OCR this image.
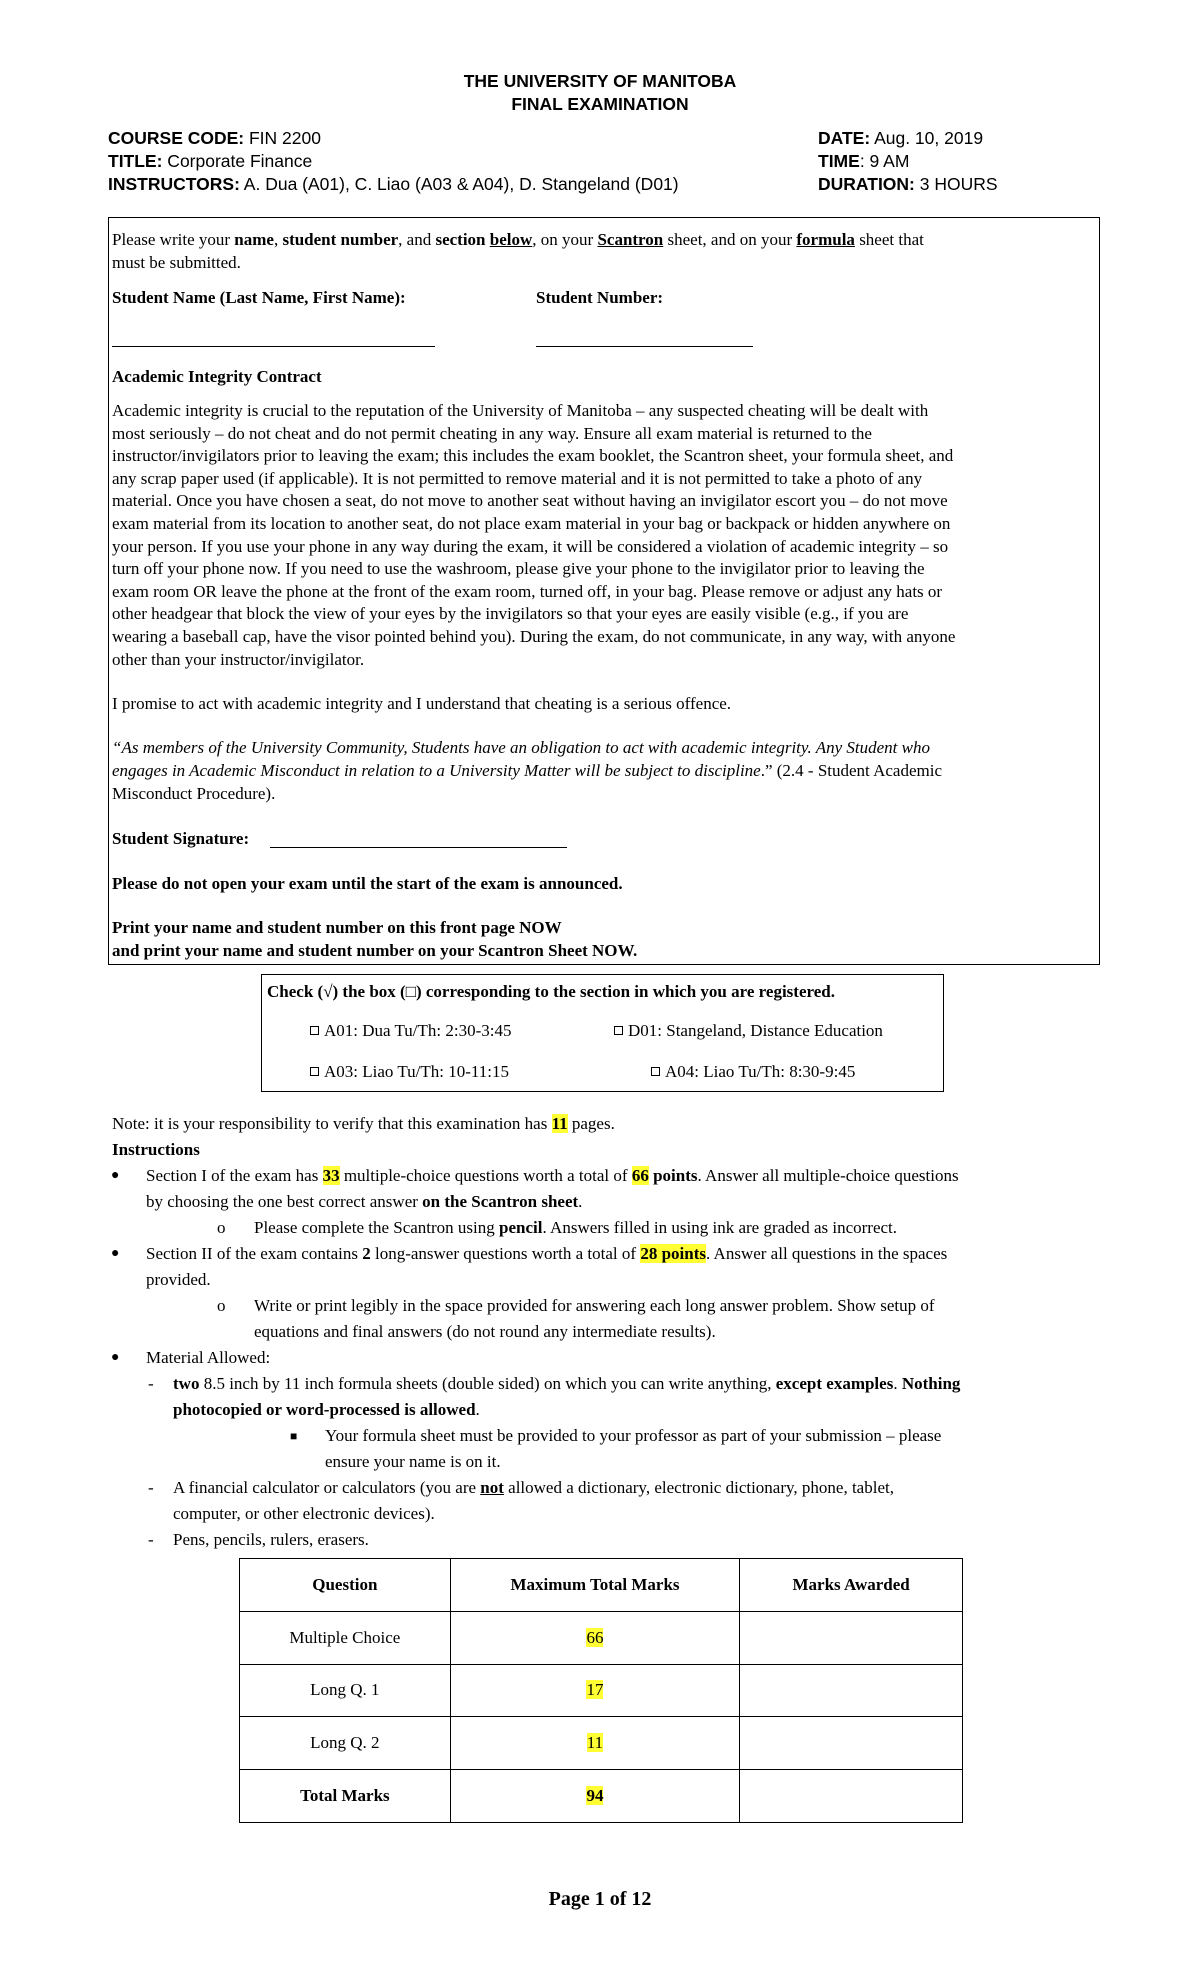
THE UNIVERSITY OF MANITOBA
FINAL EXAMINATION
COURSE CODE: FIN 2200
TITLE: Corporate Finance
INSTRUCTORS: A. Dua (A01), C. Liao (A03 & A04), D. Stangeland (D01)
DATE: Aug. 10, 2019
TIME: 9 AM
DURATION: 3 HOURS
Please write your name, student number, and section below, on your Scantron sheet, and on your formula sheet that
must be submitted.
Student Name (Last Name, First Name):	Student Number:
Academic Integrity Contract
Academic integrity is crucial to the reputation of the University of Manitoba – any suspected cheating will be dealt with
most seriously – do not cheat and do not permit cheating in any way. Ensure all exam material is returned to the
instructor/invigilators prior to leaving the exam; this includes the exam booklet, the Scantron sheet, your formula sheet, and
any scrap paper used (if applicable). It is not permitted to remove material and it is not permitted to take a photo of any
material. Once you have chosen a seat, do not move to another seat without having an invigilator escort you – do not move
exam material from its location to another seat, do not place exam material in your bag or backpack or hidden anywhere on
your person. If you use your phone in any way during the exam, it will be considered a violation of academic integrity – so
turn off your phone now. If you need to use the washroom, please give your phone to the invigilator prior to leaving the
exam room OR leave the phone at the front of the exam room, turned off, in your bag. Please remove or adjust any hats or
other headgear that block the view of your eyes by the invigilators so that your eyes are easily visible (e.g., if you are
wearing a baseball cap, have the visor pointed behind you). During the exam, do not communicate, in any way, with anyone
other than your instructor/invigilator.
I promise to act with academic integrity and I understand that cheating is a serious offence.
“As members of the University Community, Students have an obligation to act with academic integrity. Any Student who
engages in Academic Misconduct in relation to a University Matter will be subject to discipline.” (2.4 - Student Academic
Misconduct Procedure).
Student Signature:
Please do not open your exam until the start of the exam is announced.
Print your name and student number on this front page NOW
and print your name and student number on your Scantron Sheet NOW.
Check (√) the box (□) corresponding to the section in which you are registered.
A01: Dua Tu/Th: 2:30-3:45	D01: Stangeland, Distance Education
A03: Liao Tu/Th: 10-11:15	A04: Liao Tu/Th: 8:30-9:45
Note: it is your responsibility to verify that this examination has 11 pages.
Instructions
● Section I of the exam has 33 multiple-choice questions worth a total of 66 points. Answer all multiple-choice questions
by choosing the one best correct answer on the Scantron sheet.
o Please complete the Scantron using pencil. Answers filled in using ink are graded as incorrect.
● Section II of the exam contains 2 long-answer questions worth a total of 28 points. Answer all questions in the spaces
provided.
o Write or print legibly in the space provided for answering each long answer problem. Show setup of
equations and final answers (do not round any intermediate results).
● Material Allowed:
- two 8.5 inch by 11 inch formula sheets (double sided) on which you can write anything, except examples. Nothing
photocopied or word-processed is allowed.
■ Your formula sheet must be provided to your professor as part of your submission – please
ensure your name is on it.
- A financial calculator or calculators (you are not allowed a dictionary, electronic dictionary, phone, tablet,
computer, or other electronic devices).
- Pens, pencils, rulers, erasers.
Question	Maximum Total Marks	Marks Awarded
Multiple Choice	66	
Long Q. 1	17	
Long Q. 2	11	
Total Marks	94	
Page 1 of 12
